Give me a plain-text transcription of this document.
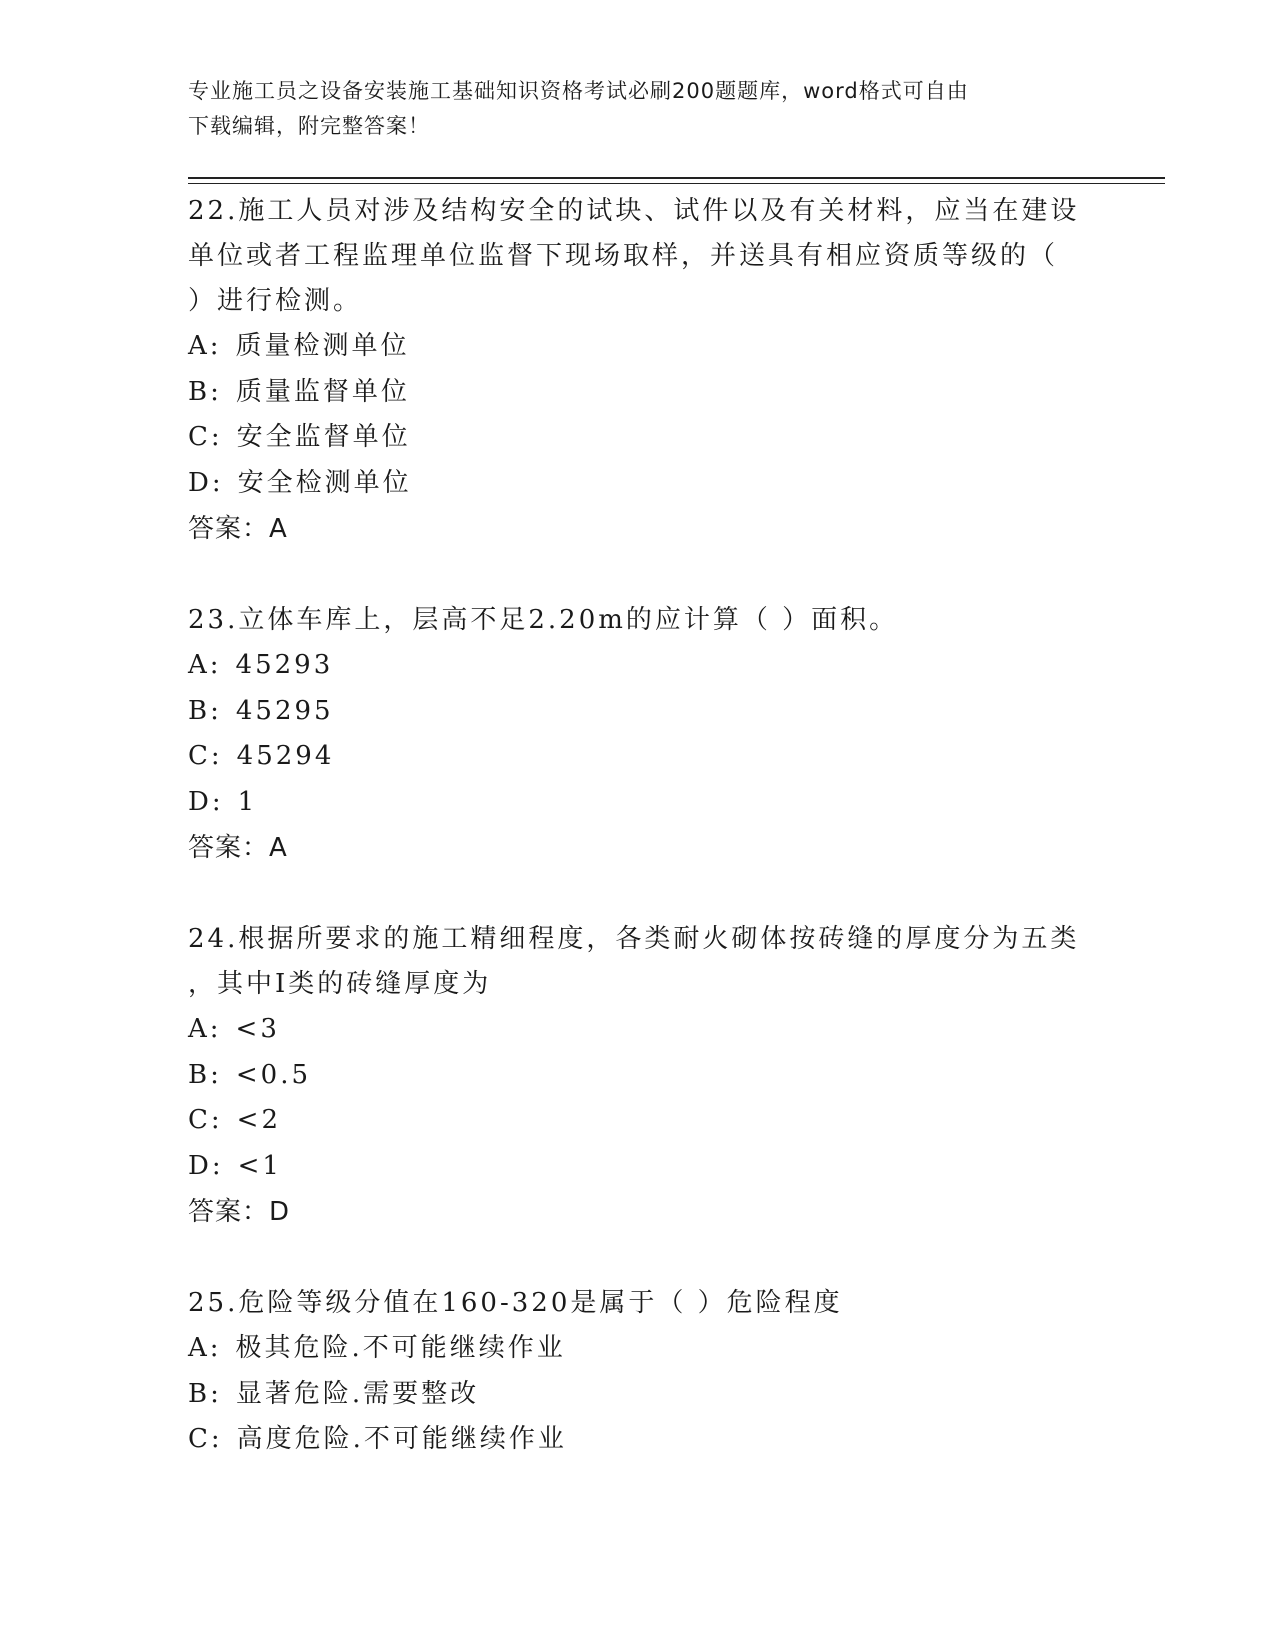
专业施工员之设备安装施工基础知识资格考试必刷200题题库，word格式可自由
下载编辑，附完整答案！
22.施工人员对涉及结构安全的试块、试件以及有关材料，应当在建设
单位或者工程监理单位监督下现场取样，并送具有相应资质等级的（
）进行检测。
A: 质量检测单位
B: 质量监督单位
C: 安全监督单位
D: 安全检测单位
答案：A
23.立体车库上，层高不足2.20m的应计算（ ）面积。
A: 45293
B: 45295
C: 45294
D: 1
答案：A
24.根据所要求的施工精细程度，各类耐火砌体按砖缝的厚度分为五类
，其中Ⅰ类的砖缝厚度为
A: <3
B: <0.5
C: <2
D: <1
答案：D
25.危险等级分值在160-320是属于（ ）危险程度
A: 极其危险.不可能继续作业
B: 显著危险.需要整改
C: 高度危险.不可能继续作业
